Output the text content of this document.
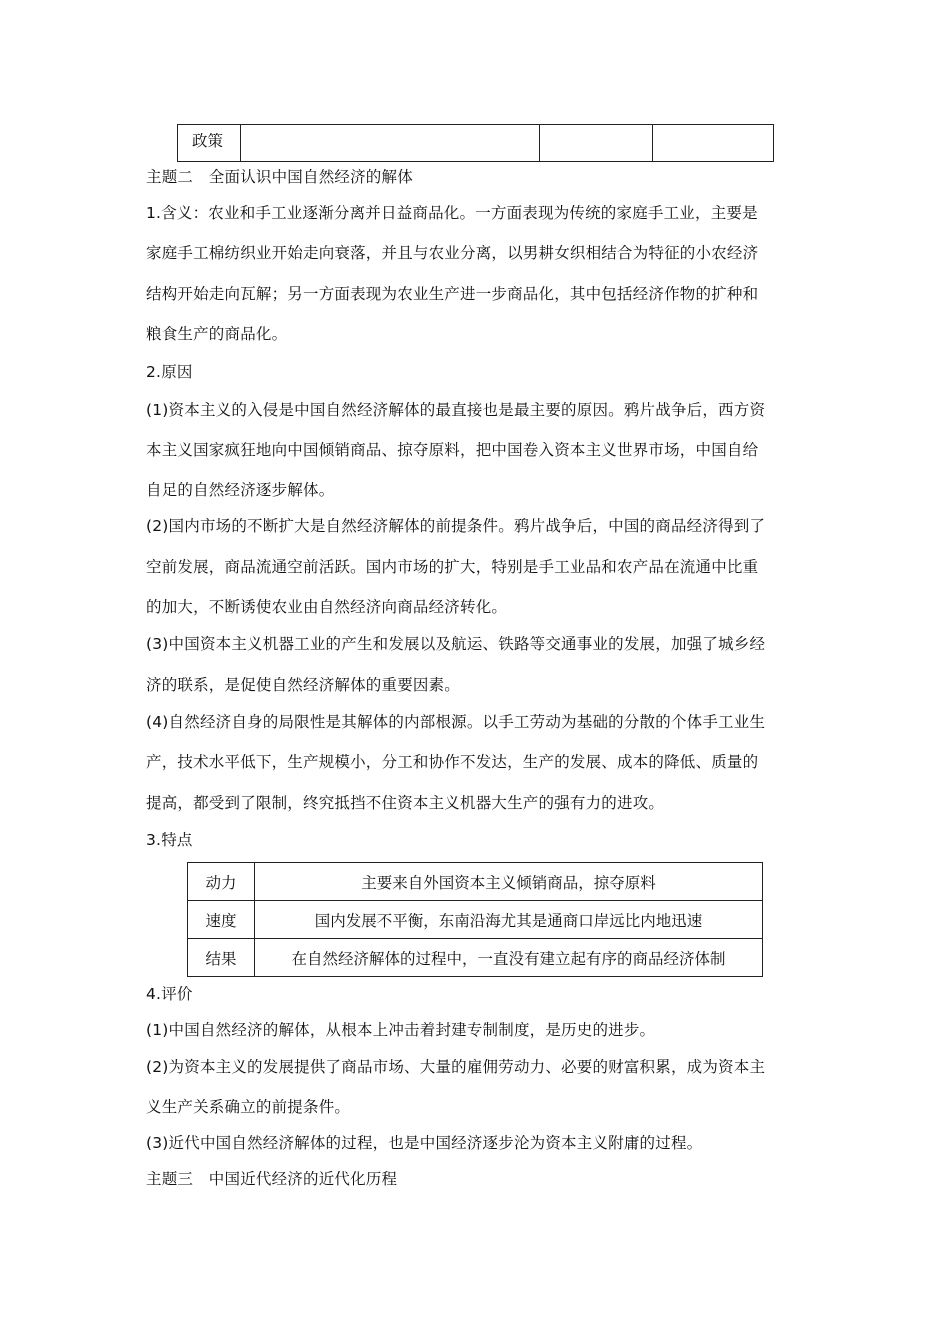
政策			
主题二　全面认识中国自然经济的解体
1.含义：农业和手工业逐渐分离并日益商品化。一方面表现为传统的家庭手工业，主要是
家庭手工棉纺织业开始走向衰落，并且与农业分离，以男耕女织相结合为特征的小农经济
结构开始走向瓦解；另一方面表现为农业生产进一步商品化，其中包括经济作物的扩种和
粮食生产的商品化。
2.原因
(1)资本主义的入侵是中国自然经济解体的最直接也是最主要的原因。鸦片战争后，西方资
本主义国家疯狂地向中国倾销商品、掠夺原料，把中国卷入资本主义世界市场，中国自给
自足的自然经济逐步解体。
(2)国内市场的不断扩大是自然经济解体的前提条件。鸦片战争后，中国的商品经济得到了
空前发展，商品流通空前活跃。国内市场的扩大，特别是手工业品和农产品在流通中比重
的加大，不断诱使农业由自然经济向商品经济转化。
(3)中国资本主义机器工业的产生和发展以及航运、铁路等交通事业的发展，加强了城乡经
济的联系，是促使自然经济解体的重要因素。
(4)自然经济自身的局限性是其解体的内部根源。以手工劳动为基础的分散的个体手工业生
产，技术水平低下，生产规模小，分工和协作不发达，生产的发展、成本的降低、质量的
提高，都受到了限制，终究抵挡不住资本主义机器大生产的强有力的进攻。
3.特点
动力	主要来自外国资本主义倾销商品，掠夺原料
速度	国内发展不平衡，东南沿海尤其是通商口岸远比内地迅速
结果	在自然经济解体的过程中，一直没有建立起有序的商品经济体制
4.评价
(1)中国自然经济的解体，从根本上冲击着封建专制制度，是历史的进步。
(2)为资本主义的发展提供了商品市场、大量的雇佣劳动力、必要的财富积累，成为资本主
义生产关系确立的前提条件。
(3)近代中国自然经济解体的过程，也是中国经济逐步沦为资本主义附庸的过程。
主题三　中国近代经济的近代化历程
